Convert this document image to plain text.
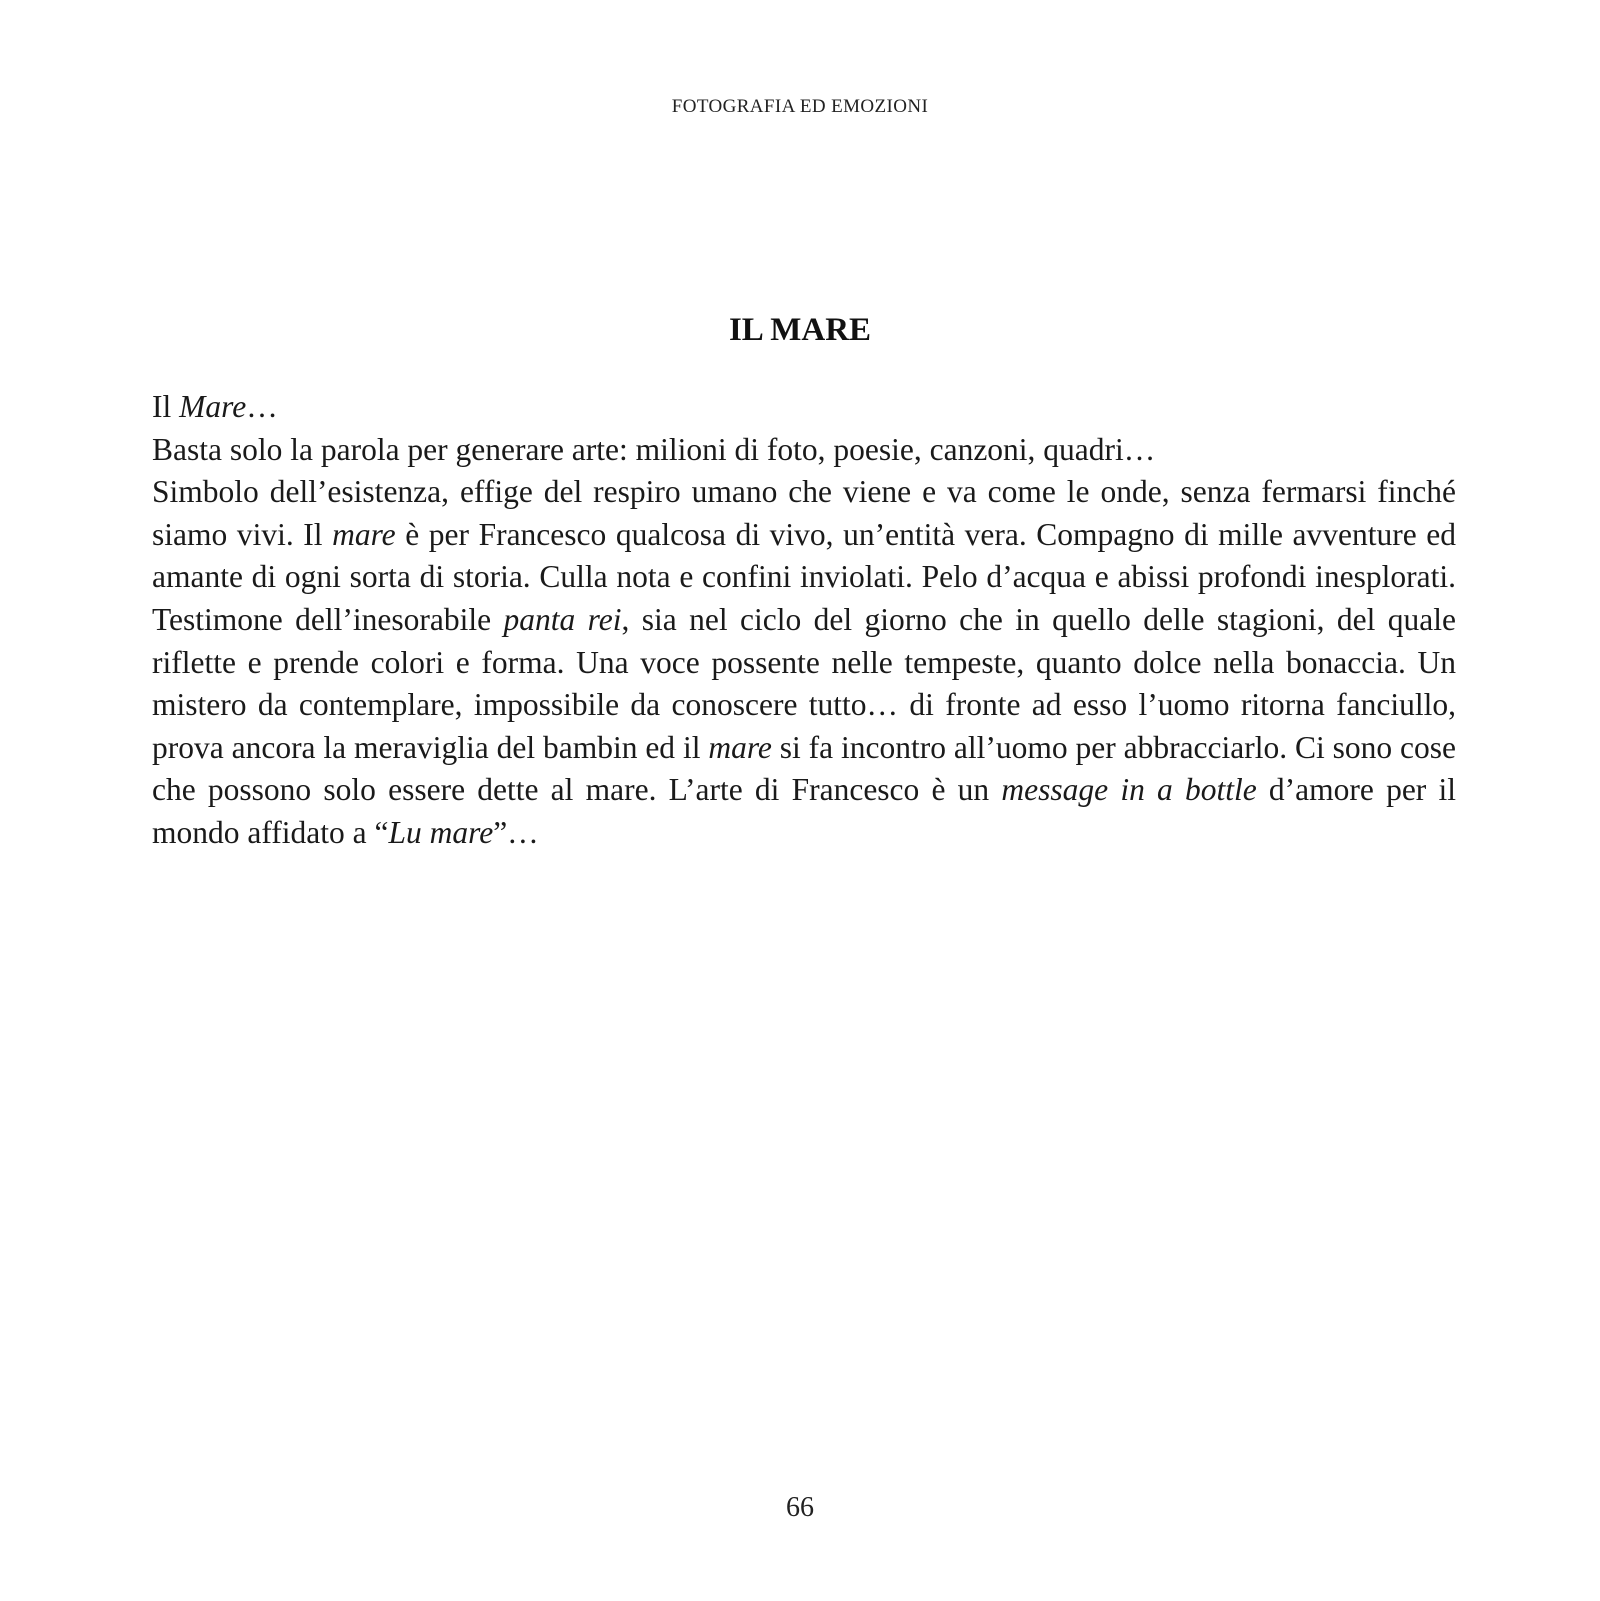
FOTOGRAFIA ED EMOZIONI
IL MARE

Il Mare…

Basta solo la parola per generare arte: milioni di foto, poesie, canzoni, quadri…

Simbolo dell’esistenza, effige del respiro umano che viene e va come le onde, senza fermarsi finché siamo vivi. Il mare è per Francesco qualcosa di vivo, un’entità vera. Compagno di mille avventure ed amante di ogni sorta di storia. Culla nota e confini inviolati. Pelo d’acqua e abissi profondi inesplorati. Testimone dell’inesorabile panta rei, sia nel ciclo del giorno che in quello delle stagioni, del quale riflette e prende colori e forma. Una voce possente nelle tempeste, quanto dolce nella bonaccia. Un mistero da contemplare, impossibile da conoscere tutto… di fronte ad esso l’uomo ritorna fanciullo, prova ancora la meraviglia del bambin ed il mare si fa incontro all’uomo per abbracciarlo. Ci sono cose che possono solo essere dette al mare. L’arte di Francesco è un message in a bottle d’amore per il mondo affidato a “Lu mare”…

66
